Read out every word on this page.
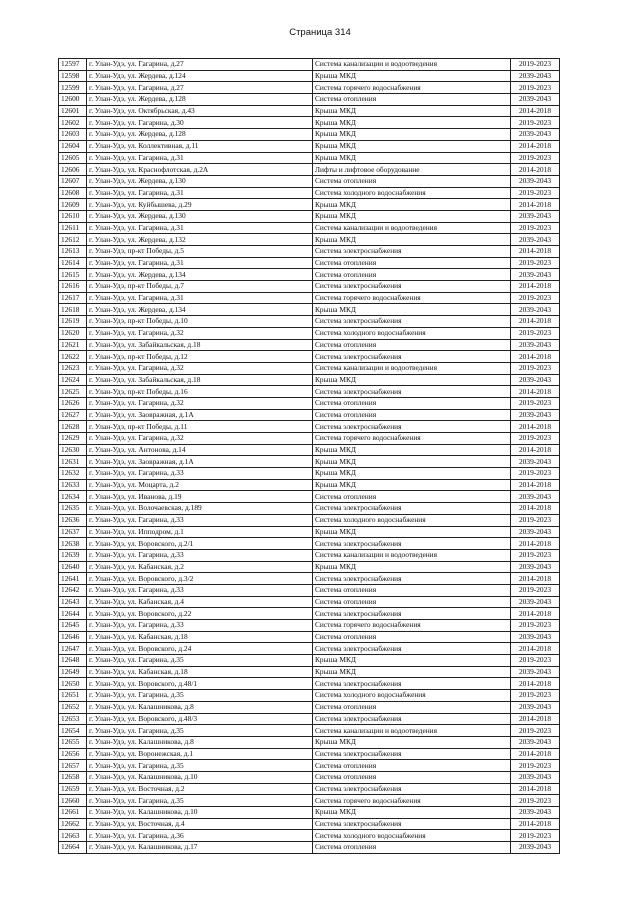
Страница 314
12597	г. Улан-Удэ, ул. Гагарина, д.27	Система канализации и водоотведения	2019-2023
12598	г. Улан-Удэ, ул. Жердева, д.124	Крыша МКД	2039-2043
12599	г. Улан-Удэ, ул. Гагарина, д.27	Система горячего водоснабжения	2019-2023
12600	г. Улан-Удэ, ул. Жердева, д.128	Система отопления	2039-2043
12601	г. Улан-Удэ, ул. Октябрьская, д.43	Крыша МКД	2014-2018
12602	г. Улан-Удэ, ул. Гагарина, д.30	Крыша МКД	2019-2023
12603	г. Улан-Удэ, ул. Жердева, д.128	Крыша МКД	2039-2043
12604	г. Улан-Удэ, ул. Коллективная, д.11	Крыша МКД	2014-2018
12605	г. Улан-Удэ, ул. Гагарина, д.31	Крыша МКД	2019-2023
12606	г. Улан-Удэ, ул. Краснофлотская, д.2А	Лифты и лифтовое оборудование	2014-2018
12607	г. Улан-Удэ, ул. Жердева, д.130	Система отопления	2039-2043
12608	г. Улан-Удэ, ул. Гагарина, д.31	Система холодного водоснабжения	2019-2023
12609	г. Улан-Удэ, ул. Куйбышева, д.29	Крыша МКД	2014-2018
12610	г. Улан-Удэ, ул. Жердева, д.130	Крыша МКД	2039-2043
12611	г. Улан-Удэ, ул. Гагарина, д.31	Система канализации и водоотведения	2019-2023
12612	г. Улан-Удэ, ул. Жердева, д.132	Крыша МКД	2039-2043
12613	г. Улан-Удэ, пр-кт Победы, д.5	Система электроснабжения	2014-2018
12614	г. Улан-Удэ, ул. Гагарина, д.31	Система отопления	2019-2023
12615	г. Улан-Удэ, ул. Жердева, д.134	Система отопления	2039-2043
12616	г. Улан-Удэ, пр-кт Победы, д.7	Система электроснабжения	2014-2018
12617	г. Улан-Удэ, ул. Гагарина, д.31	Система горячего водоснабжения	2019-2023
12618	г. Улан-Удэ, ул. Жердева, д.134	Крыша МКД	2039-2043
12619	г. Улан-Удэ, пр-кт Победы, д.10	Система электроснабжения	2014-2018
12620	г. Улан-Удэ, ул. Гагарина, д.32	Система холодного водоснабжения	2019-2023
12621	г. Улан-Удэ, ул. Забайкальская, д.18	Система отопления	2039-2043
12622	г. Улан-Удэ, пр-кт Победы, д.12	Система электроснабжения	2014-2018
12623	г. Улан-Удэ, ул. Гагарина, д.32	Система канализации и водоотведения	2019-2023
12624	г. Улан-Удэ, ул. Забайкальская, д.18	Крыша МКД	2039-2043
12625	г. Улан-Удэ, пр-кт Победы, д.16	Система электроснабжения	2014-2018
12626	г. Улан-Удэ, ул. Гагарина, д.32	Система отопления	2019-2023
12627	г. Улан-Удэ, ул. Заовражная, д.1А	Система отопления	2039-2043
12628	г. Улан-Удэ, пр-кт Победы, д.11	Система электроснабжения	2014-2018
12629	г. Улан-Удэ, ул. Гагарина, д.32	Система горячего водоснабжения	2019-2023
12630	г. Улан-Удэ, ул. Антонова, д.14	Крыша МКД	2014-2018
12631	г. Улан-Удэ, ул. Заовражная, д.1А	Крыша МКД	2039-2043
12632	г. Улан-Удэ, ул. Гагарина, д.33	Крыша МКД	2019-2023
12633	г. Улан-Удэ, ул. Моцарта, д.2	Крыша МКД	2014-2018
12634	г. Улан-Удэ, ул. Иванова, д.19	Система отопления	2039-2043
12635	г. Улан-Удэ, ул. Волочаевская, д.189	Система электроснабжения	2014-2018
12636	г. Улан-Удэ, ул. Гагарина, д.33	Система холодного водоснабжения	2019-2023
12637	г. Улан-Удэ, ул. Ипподром, д.1	Крыша МКД	2039-2043
12638	г. Улан-Удэ, ул. Воровского, д.2/1	Система электроснабжения	2014-2018
12639	г. Улан-Удэ, ул. Гагарина, д.33	Система канализации и водоотведения	2019-2023
12640	г. Улан-Удэ, ул. Кабанская, д.2	Крыша МКД	2039-2043
12641	г. Улан-Удэ, ул. Воровского, д.3/2	Система электроснабжения	2014-2018
12642	г. Улан-Удэ, ул. Гагарина, д.33	Система отопления	2019-2023
12643	г. Улан-Удэ, ул. Кабанская, д.4	Система отопления	2039-2043
12644	г. Улан-Удэ, ул. Воровского, д.22	Система электроснабжения	2014-2018
12645	г. Улан-Удэ, ул. Гагарина, д.33	Система горячего водоснабжения	2019-2023
12646	г. Улан-Удэ, ул. Кабанская, д.18	Система отопления	2039-2043
12647	г. Улан-Удэ, ул. Воровского, д.24	Система электроснабжения	2014-2018
12648	г. Улан-Удэ, ул. Гагарина, д.35	Крыша МКД	2019-2023
12649	г. Улан-Удэ, ул. Кабанская, д.18	Крыша МКД	2039-2043
12650	г. Улан-Удэ, ул. Воровского, д.48/1	Система электроснабжения	2014-2018
12651	г. Улан-Удэ, ул. Гагарина, д.35	Система холодного водоснабжения	2019-2023
12652	г. Улан-Удэ, ул. Калашникова, д.8	Система отопления	2039-2043
12653	г. Улан-Удэ, ул. Воровского, д.48/3	Система электроснабжения	2014-2018
12654	г. Улан-Удэ, ул. Гагарина, д.35	Система канализации и водоотведения	2019-2023
12655	г. Улан-Удэ, ул. Калашникова, д.8	Крыша МКД	2039-2043
12656	г. Улан-Удэ, ул. Воронежская, д.1	Система электроснабжения	2014-2018
12657	г. Улан-Удэ, ул. Гагарина, д.35	Система отопления	2019-2023
12658	г. Улан-Удэ, ул. Калашникова, д.10	Система отопления	2039-2043
12659	г. Улан-Удэ, ул. Восточная, д.2	Система электроснабжения	2014-2018
12660	г. Улан-Удэ, ул. Гагарина, д.35	Система горячего водоснабжения	2019-2023
12661	г. Улан-Удэ, ул. Калашникова, д.10	Крыша МКД	2039-2043
12662	г. Улан-Удэ, ул. Восточная, д.4	Система электроснабжения	2014-2018
12663	г. Улан-Удэ, ул. Гагарина, д.36	Система холодного водоснабжения	2019-2023
12664	г. Улан-Удэ, ул. Калашникова, д.17	Система отопления	2039-2043
